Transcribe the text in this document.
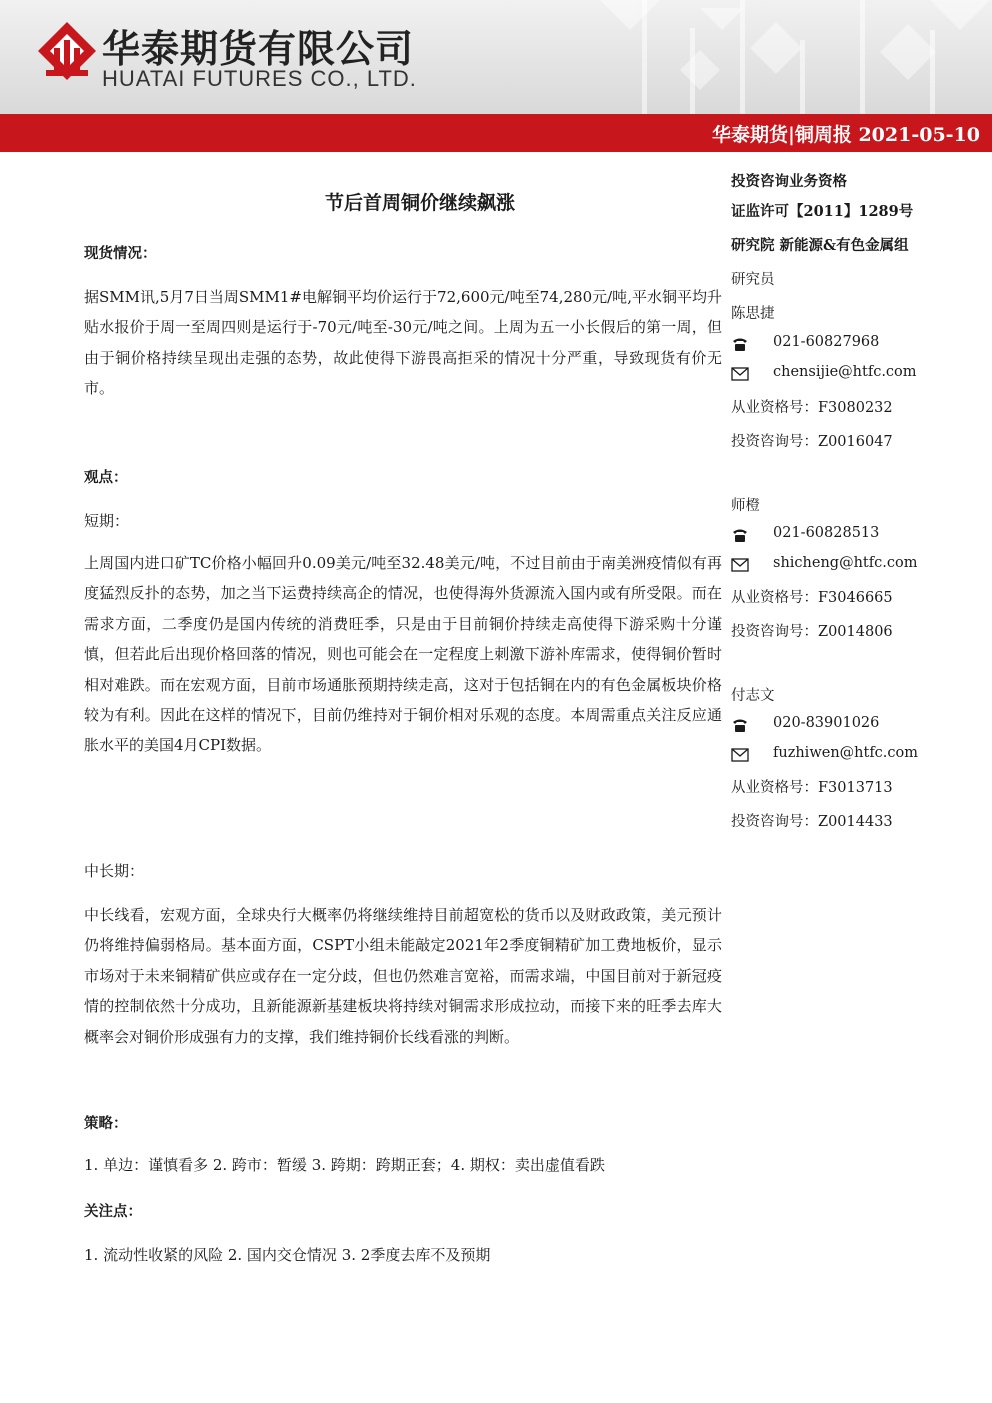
华泰期货有限公司
HUATAI FUTURES CO., LTD.
华泰期货|铜周报 2021-05-10
节后首周铜价继续飙涨
现货情况：
据SMM讯,5月7日当周SMM1#电解铜平均价运行于72,600元/吨至74,280元/吨,平水铜平均升贴水报价于周一至周四则是运行于-70元/吨至-30元/吨之间。上周为五一小长假后的第一周，但由于铜价格持续呈现出走强的态势，故此使得下游畏高拒采的情况十分严重，导致现货有价无市。
观点：
短期：
上周国内进口矿TC价格小幅回升0.09美元/吨至32.48美元/吨，不过目前由于南美洲疫情似有再度猛烈反扑的态势，加之当下运费持续高企的情况，也使得海外货源流入国内或有所受限。而在需求方面，二季度仍是国内传统的消费旺季，只是由于目前铜价持续走高使得下游采购十分谨慎，但若此后出现价格回落的情况，则也可能会在一定程度上刺激下游补库需求，使得铜价暂时相对难跌。而在宏观方面，目前市场通胀预期持续走高，这对于包括铜在内的有色金属板块价格较为有利。因此在这样的情况下，目前仍维持对于铜价相对乐观的态度。本周需重点关注反应通胀水平的美国4月CPI数据。
中长期：
中长线看，宏观方面，全球央行大概率仍将继续维持目前超宽松的货币以及财政政策，美元预计仍将维持偏弱格局。基本面方面，CSPT小组未能敲定2021年2季度铜精矿加工费地板价，显示市场对于未来铜精矿供应或存在一定分歧，但也仍然难言宽裕，而需求端，中国目前对于新冠疫情的控制依然十分成功，且新能源新基建板块将持续对铜需求形成拉动，而接下来的旺季去库大概率会对铜价形成强有力的支撑，我们维持铜价长线看涨的判断。
策略：
1. 单边：谨慎看多 2. 跨市：暂缓 3. 跨期：跨期正套；4. 期权：卖出虚值看跌
关注点：
1. 流动性收紧的风险 2. 国内交仓情况 3. 2季度去库不及预期
投资咨询业务资格
证监许可【2011】1289号
研究院 新能源&有色金属组
研究员
陈思捷
021-60827968
chensijie@htfc.com
从业资格号：F3080232
投资咨询号：Z0016047
师橙
021-60828513
shicheng@htfc.com
从业资格号：F3046665
投资咨询号：Z0014806
付志文
020-83901026
fuzhiwen@htfc.com
从业资格号：F3013713
投资咨询号：Z0014433
